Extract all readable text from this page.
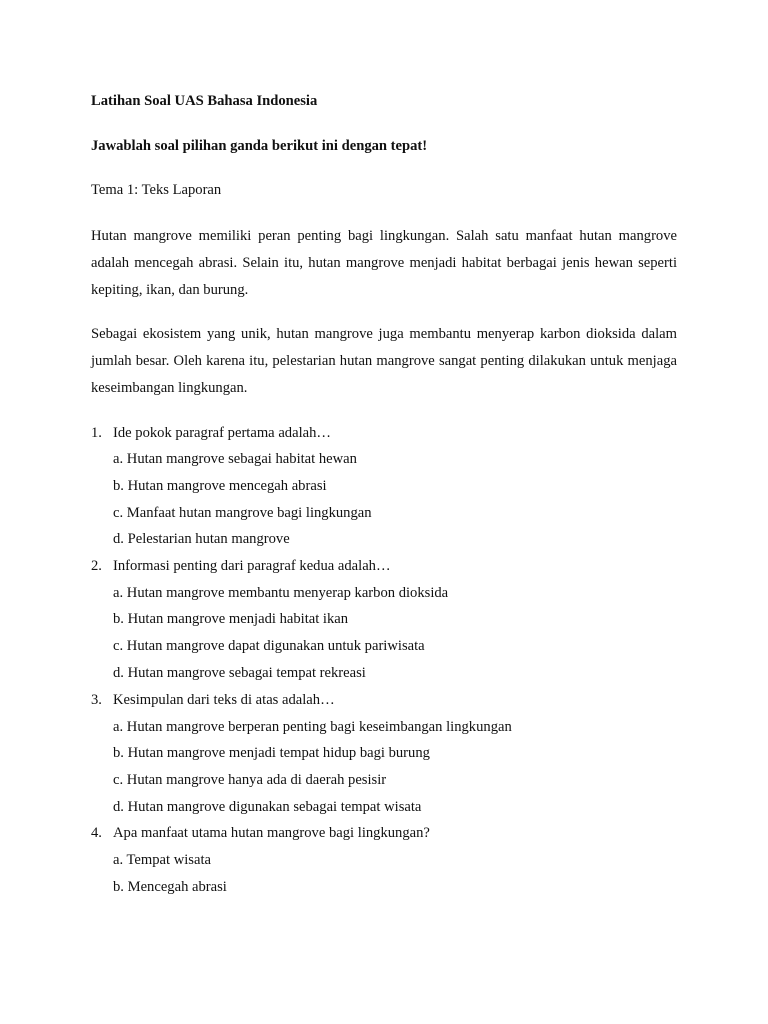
Latihan Soal UAS Bahasa Indonesia
Jawablah soal pilihan ganda berikut ini dengan tepat!
Tema 1: Teks Laporan

Hutan mangrove memiliki peran penting bagi lingkungan. Salah satu manfaat hutan mangrove adalah mencegah abrasi. Selain itu, hutan mangrove menjadi habitat berbagai jenis hewan seperti kepiting, ikan, dan burung.

Sebagai ekosistem yang unik, hutan mangrove juga membantu menyerap karbon dioksida dalam jumlah besar. Oleh karena itu, pelestarian hutan mangrove sangat penting dilakukan untuk menjaga keseimbangan lingkungan.

1. Ide pokok paragraf pertama adalah…
a. Hutan mangrove sebagai habitat hewan
b. Hutan mangrove mencegah abrasi
c. Manfaat hutan mangrove bagi lingkungan
d. Pelestarian hutan mangrove
2. Informasi penting dari paragraf kedua adalah…
a. Hutan mangrove membantu menyerap karbon dioksida
b. Hutan mangrove menjadi habitat ikan
c. Hutan mangrove dapat digunakan untuk pariwisata
d. Hutan mangrove sebagai tempat rekreasi
3. Kesimpulan dari teks di atas adalah…
a. Hutan mangrove berperan penting bagi keseimbangan lingkungan
b. Hutan mangrove menjadi tempat hidup bagi burung
c. Hutan mangrove hanya ada di daerah pesisir
d. Hutan mangrove digunakan sebagai tempat wisata
4. Apa manfaat utama hutan mangrove bagi lingkungan?
a. Tempat wisata
b. Mencegah abrasi
